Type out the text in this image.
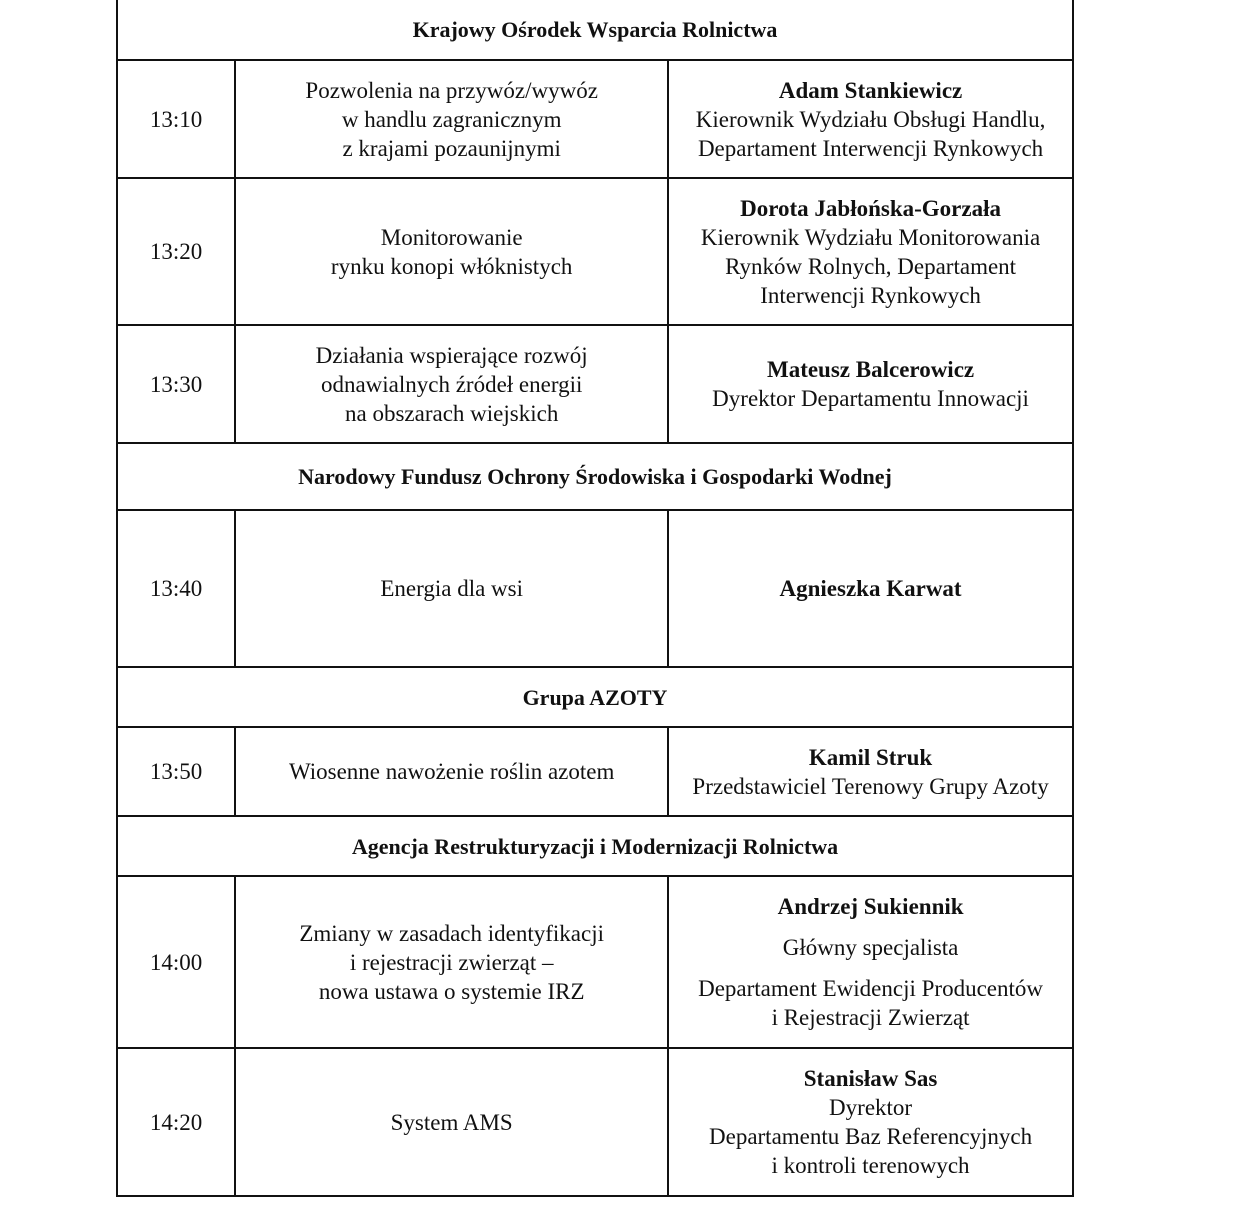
Krajowy Ośrodek Wsparcia Rolnictwa		
13:10	Pozwolenia na przywóz/wywóz
w handlu zagranicznym
z krajami pozaunijnymi	Adam Stankiewicz
Kierownik Wydziału Obsługi Handlu,
Departament Interwencji Rynkowych

13:20	Monitorowanie
rynku konopi włóknistych	Dorota Jabłońska-Gorzała
Kierownik Wydziału Monitorowania
Rynków Rolnych, Departament
Interwencji Rynkowych

13:30	Działania wspierające rozwój
odnawialnych źródeł energii
na obszarach wiejskich	Mateusz Balcerowicz
Dyrektor Departamentu Innowacji

Narodowy Fundusz Ochrony Środowiska i Gospodarki Wodnej		
13:40	Energia dla wsi	Agnieszka Karwat

Grupa AZOTY		
13:50	Wiosenne nawożenie roślin azotem	Kamil Struk
Przedstawiciel Terenowy Grupy Azoty

Agencja Restrukturyzacji i Modernizacji Rolnictwa		
14:00	Zmiany w zasadach identyfikacji
i rejestracji zwierząt –
nowa ustawa o systemie IRZ	Andrzej Sukiennik
Główny specjalista
Departament Ewidencji Producentów
i Rejestracji Zwierząt

14:20	System AMS	Stanisław Sas
Dyrektor
Departamentu Baz Referencyjnych
i kontroli terenowych
